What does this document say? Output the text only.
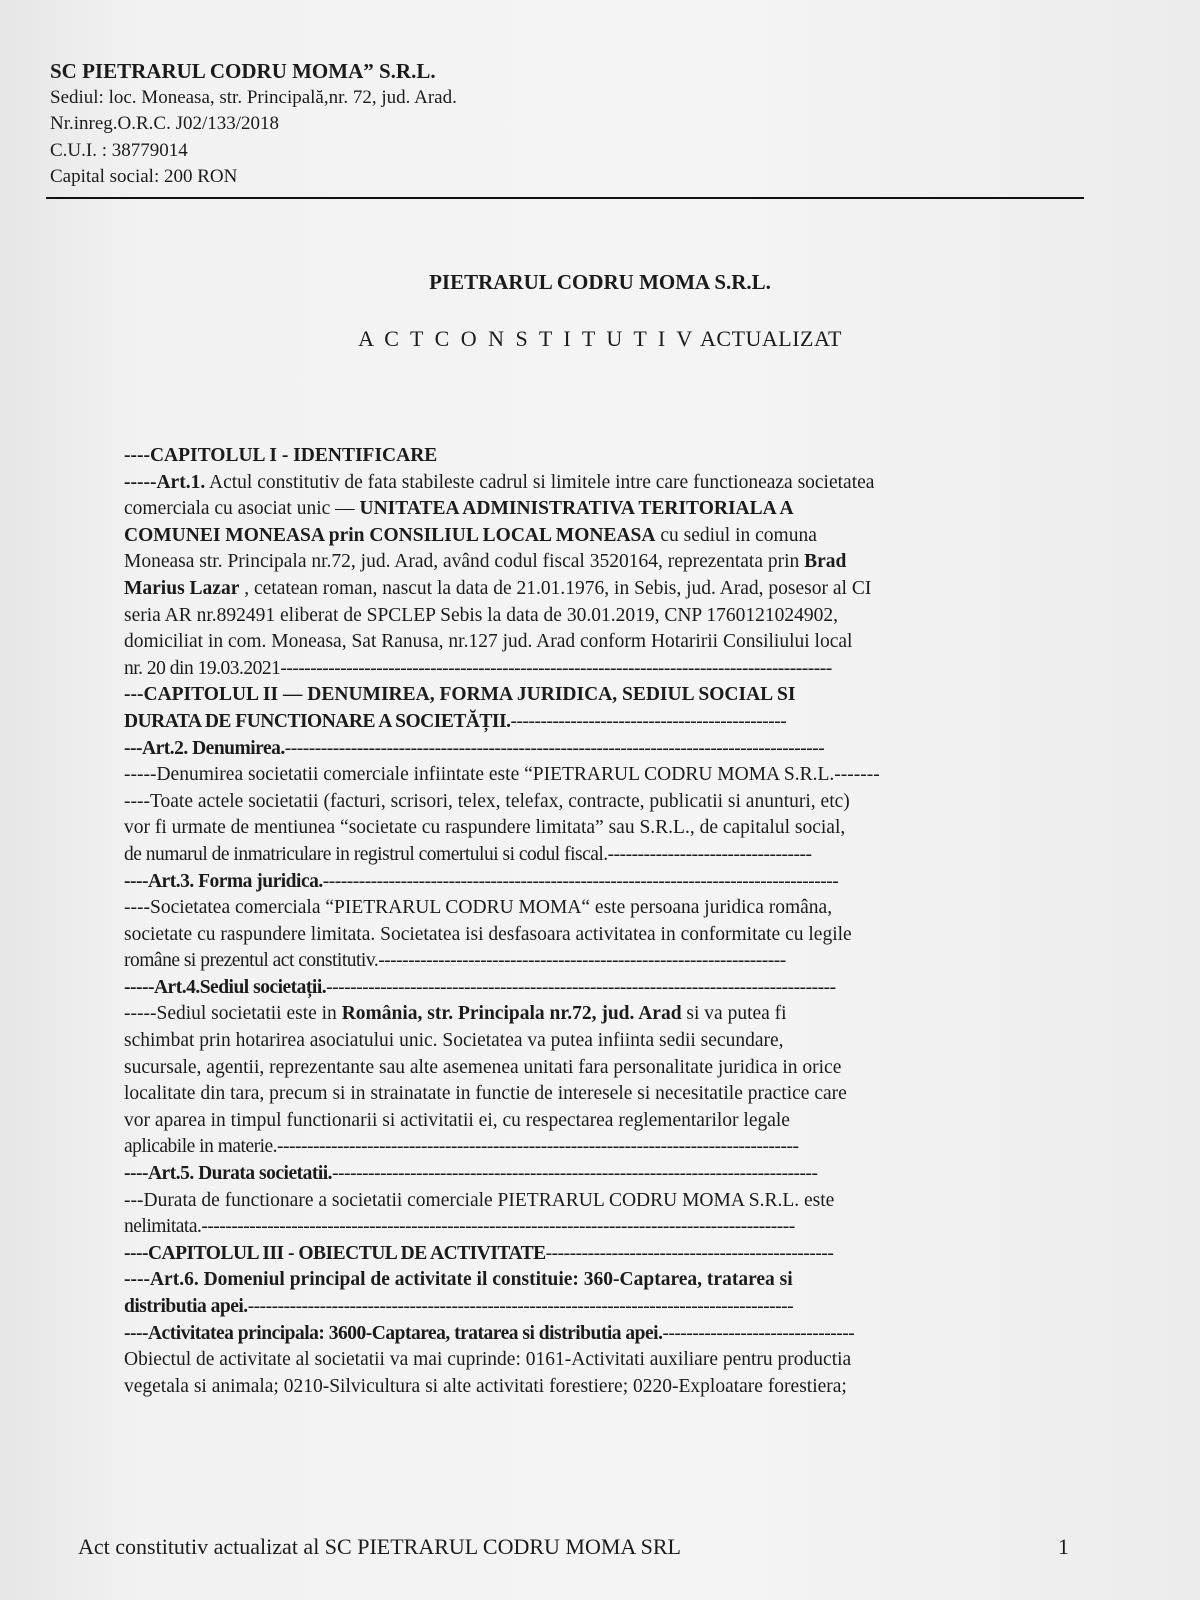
SC PIETRARUL CODRU MOMA” S.R.L.
Sediul: loc. Moneasa, str. Principală,nr. 72, jud. Arad.
Nr.inreg.O.R.C. J02/133/2018
C.U.I. : 38779014
Capital social: 200 RON
PIETRARUL CODRU MOMA S.R.L.
A C T C O N S T I T U T I V ACTUALIZAT
----CAPITOLUL I - IDENTIFICARE
-----Art.1. Actul constitutiv de fata stabileste cadrul si limitele intre care functioneaza societatea
comerciala cu asociat unic — UNITATEA ADMINISTRATIVA TERITORIALA A
COMUNEI MONEASA prin CONSILIUL LOCAL MONEASA cu sediul in comuna
Moneasa str. Principala nr.72, jud. Arad, având codul fiscal 3520164, reprezentata prin Brad
Marius Lazar , cetatean roman, nascut la data de 21.01.1976, in Sebis, jud. Arad, posesor al CI
seria AR nr.892491 eliberat de SPCLEP Sebis la data de 30.01.2019, CNP 1760121024902,
domiciliat in com. Moneasa, Sat Ranusa, nr.127 jud. Arad conform Hotaririi Consiliului local
nr. 20 din 19.03.2021--------------------------------------------------------------------------------------------
---CAPITOLUL II — DENUMIREA, FORMA JURIDICA, SEDIUL SOCIAL SI
DURATA DE FUNCTIONARE A SOCIETĂȚII.----------------------------------------------
---Art.2. Denumirea.------------------------------------------------------------------------------------------
-----Denumirea societatii comerciale infiintate este “PIETRARUL CODRU MOMA S.R.L.-------
----Toate actele societatii (facturi, scrisori, telex, telefax, contracte, publicatii si anunturi, etc)
vor fi urmate de mentiunea “societate cu raspundere limitata” sau S.R.L., de capitalul social,
de numarul de inmatriculare in registrul comertului si codul fiscal.----------------------------------
----Art.3. Forma juridica.--------------------------------------------------------------------------------------
----Societatea comerciala “PIETRARUL CODRU MOMA“ este persoana juridica româna,
societate cu raspundere limitata. Societatea isi desfasoara activitatea in conformitate cu legile
române si prezentul act constitutiv.--------------------------------------------------------------------
-----Art.4.Sediul societații.-------------------------------------------------------------------------------------
-----Sediul societatii este in România, str. Principala nr.72, jud. Arad si va putea fi
schimbat prin hotarirea asociatului unic. Societatea va putea infiinta sedii secundare,
sucursale, agentii, reprezentante sau alte asemenea unitati fara personalitate juridica in orice
localitate din tara, precum si in strainatate in functie de interesele si necesitatile practice care
vor aparea in timpul functionarii si activitatii ei, cu respectarea reglementarilor legale
aplicabile in materie.---------------------------------------------------------------------------------------
----Art.5. Durata societatii.---------------------------------------------------------------------------------
---Durata de functionare a societatii comerciale PIETRARUL CODRU MOMA S.R.L. este
nelimitata.---------------------------------------------------------------------------------------------------
----CAPITOLUL III - OBIECTUL DE ACTIVITATE------------------------------------------------
----Art.6. Domeniul principal de activitate il constituie: 360-Captarea, tratarea si
distributia apei.-------------------------------------------------------------------------------------------
----Activitatea principala: 3600-Captarea, tratarea si distributia apei.--------------------------------
Obiectul de activitate al societatii va mai cuprinde: 0161-Activitati auxiliare pentru productia
vegetala si animala; 0210-Silvicultura si alte activitati forestiere; 0220-Exploatare forestiera;
Act constitutiv actualizat al SC PIETRARUL CODRU MOMA SRL	1
